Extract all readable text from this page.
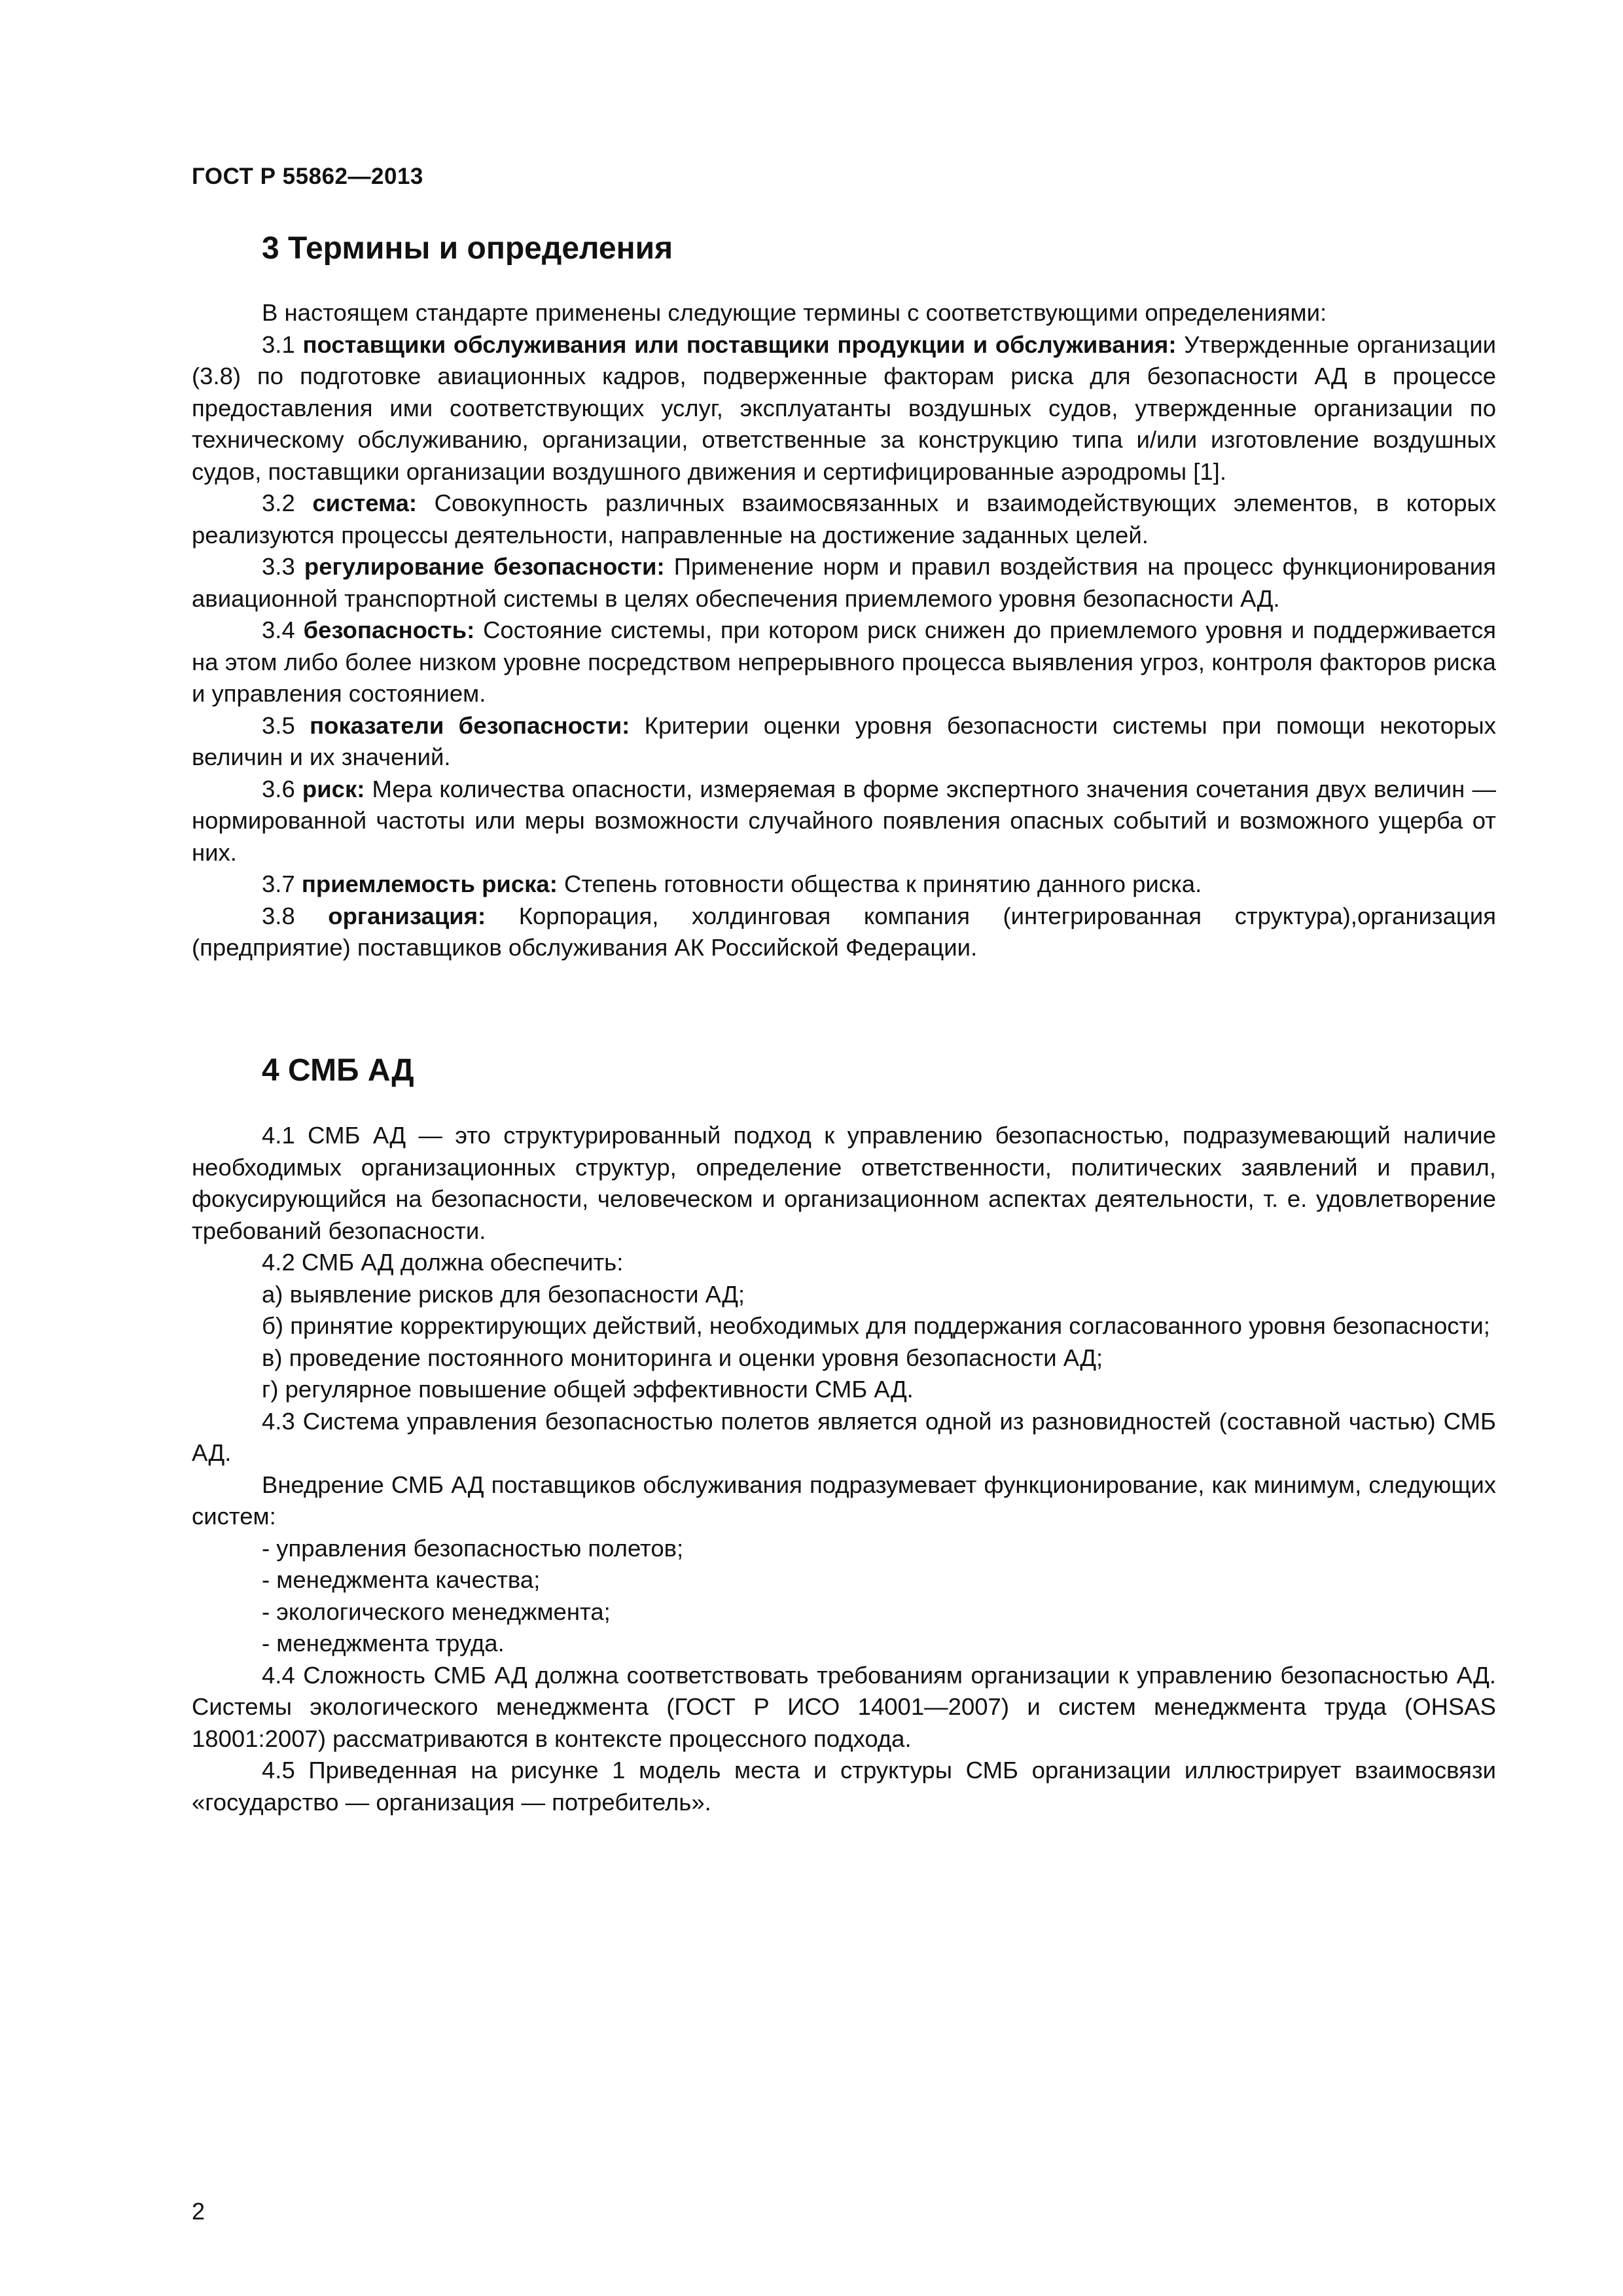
ГОСТ Р 55862—2013
3 Термины и определения

В настоящем стандарте применены следующие термины с соответствующими определениями:

3.1 поставщики обслуживания или поставщики продукции и обслуживания: Утвержденные организации (3.8) по подготовке авиационных кадров, подверженные факторам риска для безопасности АД в процессе предоставления ими соответствующих услуг, эксплуатанты воздушных судов, утвержденные организации по техническому обслуживанию, организации, ответственные за конструкцию типа и/или изготовление воздушных судов, поставщики организации воздушного движения и сертифицированные аэродромы [1].

3.2 система: Совокупность различных взаимосвязанных и взаимодействующих элементов, в которых реализуются процессы деятельности, направленные на достижение заданных целей.

3.3 регулирование безопасности: Применение норм и правил воздействия на процесс функционирования авиационной транспортной системы в целях обеспечения приемлемого уровня безопасности АД.

3.4 безопасность: Состояние системы, при котором риск снижен до приемлемого уровня и поддерживается на этом либо более низком уровне посредством непрерывного процесса выявления угроз, контроля факторов риска и управления состоянием.

3.5 показатели безопасности: Критерии оценки уровня безопасности системы при помощи некоторых величин и их значений.

3.6 риск: Мера количества опасности, измеряемая в форме экспертного значения сочетания двух величин — нормированной частоты или меры возможности случайного появления опасных событий и возможного ущерба от них.

3.7 приемлемость риска: Степень готовности общества к принятию данного риска.

3.8 организация: Корпорация, холдинговая компания (интегрированная структура),организация (предприятие) поставщиков обслуживания АК Российской Федерации.

4 СМБ АД

4.1 СМБ АД — это структурированный подход к управлению безопасностью, подразумевающий наличие необходимых организационных структур, определение ответственности, политических заявлений и правил, фокусирующийся на безопасности, человеческом и организационном аспектах деятельности, т. е. удовлетворение требований безопасности.

4.2 СМБ АД должна обеспечить:

а) выявление рисков для безопасности АД;

б) принятие корректирующих действий, необходимых для поддержания согласованного уровня безопасности;

в) проведение постоянного мониторинга и оценки уровня безопасности АД;

г) регулярное повышение общей эффективности СМБ АД.

4.3 Система управления безопасностью полетов является одной из разновидностей (составной частью) СМБ АД.

Внедрение СМБ АД поставщиков обслуживания подразумевает функционирование, как минимум, следующих систем:

- управления безопасностью полетов;

- менеджмента качества;

- экологического менеджмента;

- менеджмента труда.

4.4 Сложность СМБ АД должна соответствовать требованиям организации к управлению безопасностью АД. Системы экологического менеджмента (ГОСТ Р ИСО 14001—2007) и систем менеджмента труда (OHSAS 18001:2007) рассматриваются в контексте процессного подхода.

4.5 Приведенная на рисунке 1 модель места и структуры СМБ организации иллюстрирует взаимосвязи «государство — организация — потребитель».

2
